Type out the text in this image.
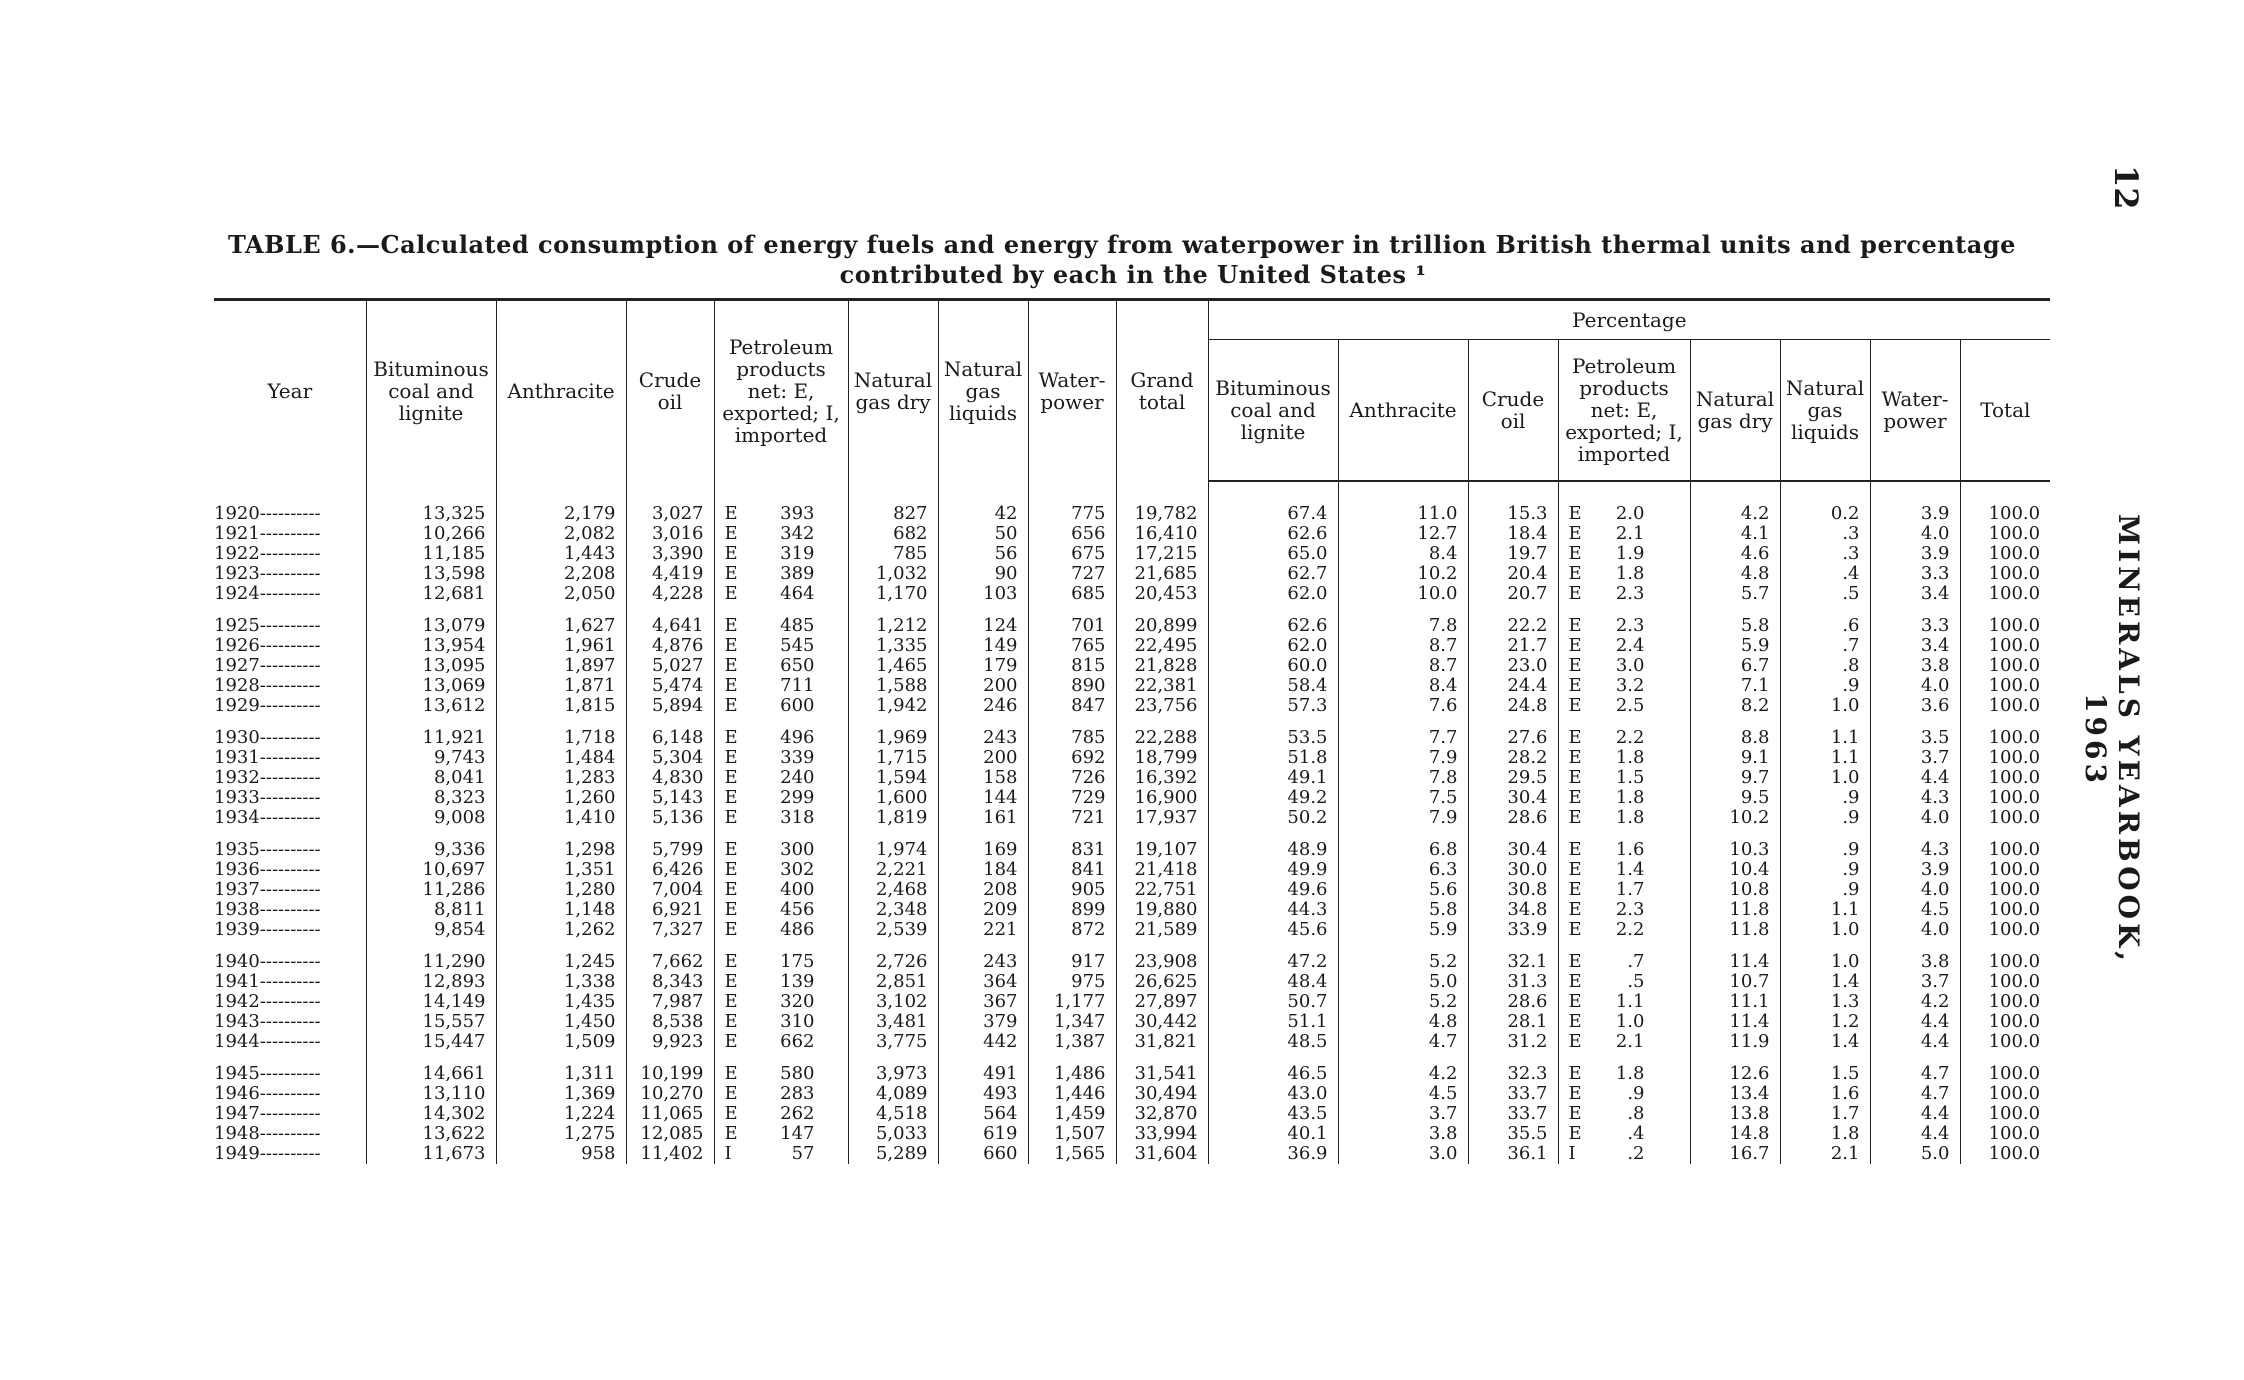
12
MINERALS YEARBOOK, 1963
TABLE 6.—Calculated consumption of energy fuels and energy from waterpower in trillion British thermal units and percentage
contributed by each in the United States ¹
Year	Bituminous coal and lignite	Anthracite	Crude oil	Petroleum products net: E, exported; I, imported	Natural gas dry	Natural gas liquids	Water-power	Grand total	Percentage							
									Bituminous coal and lignite	Anthracite	Crude oil	Petroleum products net: E, exported; I, imported	Natural gas dry	Natural gas liquids	Water-power	Total

1920----------	13,325	2,179	3,027	E 393	827	42	775	19,782	67.4	11.0	15.3	E 2.0	4.2	0.2	3.9	100.0
1921----------	10,266	2,082	3,016	E 342	682	50	656	16,410	62.6	12.7	18.4	E 2.1	4.1	.3	4.0	100.0
1922----------	11,185	1,443	3,390	E 319	785	56	675	17,215	65.0	8.4	19.7	E 1.9	4.6	.3	3.9	100.0
1923----------	13,598	2,208	4,419	E 389	1,032	90	727	21,685	62.7	10.2	20.4	E 1.8	4.8	.4	3.3	100.0
1924----------	12,681	2,050	4,228	E 464	1,170	103	685	20,453	62.0	10.0	20.7	E 2.3	5.7	.5	3.4	100.0

1925----------	13,079	1,627	4,641	E 485	1,212	124	701	20,899	62.6	7.8	22.2	E 2.3	5.8	.6	3.3	100.0
1926----------	13,954	1,961	4,876	E 545	1,335	149	765	22,495	62.0	8.7	21.7	E 2.4	5.9	.7	3.4	100.0
1927----------	13,095	1,897	5,027	E 650	1,465	179	815	21,828	60.0	8.7	23.0	E 3.0	6.7	.8	3.8	100.0
1928----------	13,069	1,871	5,474	E 711	1,588	200	890	22,381	58.4	8.4	24.4	E 3.2	7.1	.9	4.0	100.0
1929----------	13,612	1,815	5,894	E 600	1,942	246	847	23,756	57.3	7.6	24.8	E 2.5	8.2	1.0	3.6	100.0

1930----------	11,921	1,718	6,148	E 496	1,969	243	785	22,288	53.5	7.7	27.6	E 2.2	8.8	1.1	3.5	100.0
1931----------	9,743	1,484	5,304	E 339	1,715	200	692	18,799	51.8	7.9	28.2	E 1.8	9.1	1.1	3.7	100.0
1932----------	8,041	1,283	4,830	E 240	1,594	158	726	16,392	49.1	7.8	29.5	E 1.5	9.7	1.0	4.4	100.0
1933----------	8,323	1,260	5,143	E 299	1,600	144	729	16,900	49.2	7.5	30.4	E 1.8	9.5	.9	4.3	100.0
1934----------	9,008	1,410	5,136	E 318	1,819	161	721	17,937	50.2	7.9	28.6	E 1.8	10.2	.9	4.0	100.0

1935----------	9,336	1,298	5,799	E 300	1,974	169	831	19,107	48.9	6.8	30.4	E 1.6	10.3	.9	4.3	100.0
1936----------	10,697	1,351	6,426	E 302	2,221	184	841	21,418	49.9	6.3	30.0	E 1.4	10.4	.9	3.9	100.0
1937----------	11,286	1,280	7,004	E 400	2,468	208	905	22,751	49.6	5.6	30.8	E 1.7	10.8	.9	4.0	100.0
1938----------	8,811	1,148	6,921	E 456	2,348	209	899	19,880	44.3	5.8	34.8	E 2.3	11.8	1.1	4.5	100.0
1939----------	9,854	1,262	7,327	E 486	2,539	221	872	21,589	45.6	5.9	33.9	E 2.2	11.8	1.0	4.0	100.0

1940----------	11,290	1,245	7,662	E 175	2,726	243	917	23,908	47.2	5.2	32.1	E .7	11.4	1.0	3.8	100.0
1941----------	12,893	1,338	8,343	E 139	2,851	364	975	26,625	48.4	5.0	31.3	E .5	10.7	1.4	3.7	100.0
1942----------	14,149	1,435	7,987	E 320	3,102	367	1,177	27,897	50.7	5.2	28.6	E 1.1	11.1	1.3	4.2	100.0
1943----------	15,557	1,450	8,538	E 310	3,481	379	1,347	30,442	51.1	4.8	28.1	E 1.0	11.4	1.2	4.4	100.0
1944----------	15,447	1,509	9,923	E 662	3,775	442	1,387	31,821	48.5	4.7	31.2	E 2.1	11.9	1.4	4.4	100.0

1945----------	14,661	1,311	10,199	E 580	3,973	491	1,486	31,541	46.5	4.2	32.3	E 1.8	12.6	1.5	4.7	100.0
1946----------	13,110	1,369	10,270	E 283	4,089	493	1,446	30,494	43.0	4.5	33.7	E .9	13.4	1.6	4.7	100.0
1947----------	14,302	1,224	11,065	E 262	4,518	564	1,459	32,870	43.5	3.7	33.7	E .8	13.8	1.7	4.4	100.0
1948----------	13,622	1,275	12,085	E 147	5,033	619	1,507	33,994	40.1	3.8	35.5	E .4	14.8	1.8	4.4	100.0
1949----------	11,673	958	11,402	I 57	5,289	660	1,565	31,604	36.9	3.0	36.1	I .2	16.7	2.1	5.0	100.0
